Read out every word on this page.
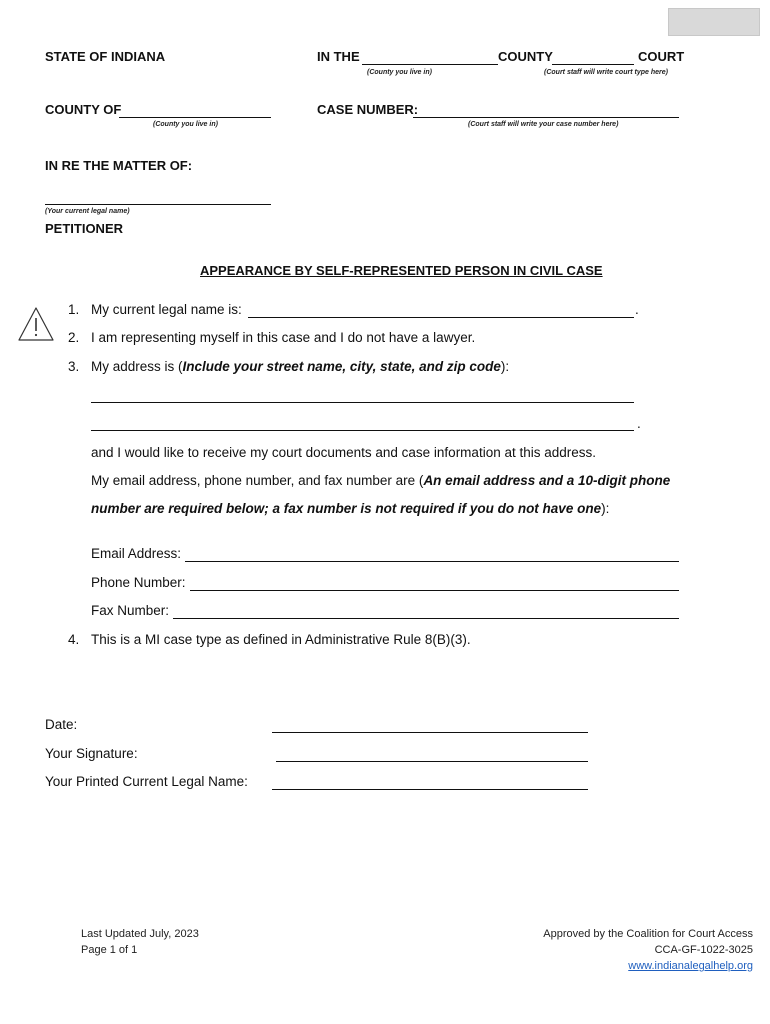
STATE OF INDIANA	IN THE	COUNTY	COURT
(County you live in)	(Court staff will write court type here)
COUNTY OF
(County you live in)
CASE NUMBER:
(Court staff will write your case number here)
IN RE THE MATTER OF:
(Your current legal name)
PETITIONER
APPEARANCE BY SELF-REPRESENTED PERSON IN CIVIL CASE
1. My current legal name is:	.
2. I am representing myself in this case and I do not have a lawyer.
3. My address is (Include your street name, city, state, and zip code):
.
and I would like to receive my court documents and case information at this address.
My email address, phone number, and fax number are (An email address and a 10-digit phone
number are required below; a fax number is not required if you do not have one):
Email Address:
Phone Number:
Fax Number:
4. This is a MI case type as defined in Administrative Rule 8(B)(3).
Date:
Your Signature:
Your Printed Current Legal Name:
Last Updated July, 2023
Page 1 of 1
Approved by the Coalition for Court Access
CCA-GF-1022-3025
www.indianalegalhelp.org
